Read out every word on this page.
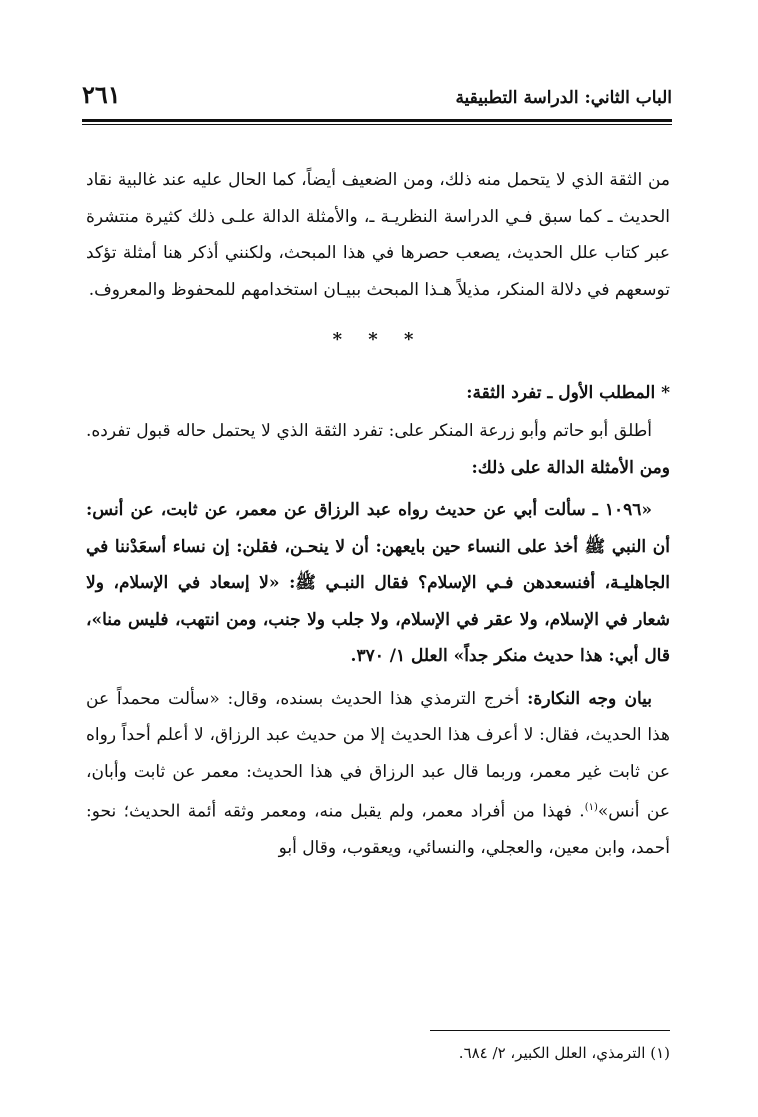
الباب الثاني: الدراسة التطبيقية
٢٦١

من الثقة الذي لا يتحمل منه ذلك، ومن الضعيف أيضاً، كما الحال عليه عند غالبية نقاد الحديث ـ كما سبق فـي الدراسة النظريـة ـ، والأمثلة الدالة علـى ذلك كثيرة منتشرة عبر كتاب علل الحديث، يصعب حصرها في هذا المبحث، ولكنني أذكر هنا أمثلة تؤكد توسعهم في دلالة المنكر، مذيلاً هـذا المبحث ببيـان استخدامهم للمحفوظ والمعروف.

* * *

* المطلب الأول ـ تفرد الثقة:

أطلق أبو حاتم وأبو زرعة المنكر على: تفرد الثقة الذي لا يحتمل حاله قبول تفرده. ومن الأمثلة الدالة على ذلك:

«١٠٩٦ ـ سألت أبي عن حديث رواه عبد الرزاق عن معمر، عن ثابت، عن أنس: أن النبي ﷺ أخذ على النساء حين بايعهن: أن لا ينحـن، فقلن: إن نساء أسعَدْننا في الجاهليـة، أفنسعدهن فـي الإسلام؟ فقال النبـي ﷺ: «لا إسعاد في الإسلام، ولا شعار في الإسلام، ولا عقر في الإسلام، ولا جلب ولا جنب، ومن انتهب، فليس منا»، قال أبي: هذا حديث منكر جداً» العلل ١/ ٣٧٠.

بيان وجه النكارة: أخرج الترمذي هذا الحديث بسنده، وقال: «سألت محمداً عن هذا الحديث، فقال: لا أعرف هذا الحديث إلا من حديث عبد الرزاق، لا أعلم أحداً رواه عن ثابت غير معمر، وربما قال عبد الرزاق في هذا الحديث: معمر عن ثابت وأبان، عن أنس»$^{(١)}$. فهذا من أفراد معمر، ولم يقبل منه، ومعمر وثقه أئمة الحديث؛ نحو: أحمد، وابن معين، والعجلي، والنسائي، ويعقوب، وقال أبو

(١) الترمذي، العلل الكبير، ٢/ ٦٨٤.
